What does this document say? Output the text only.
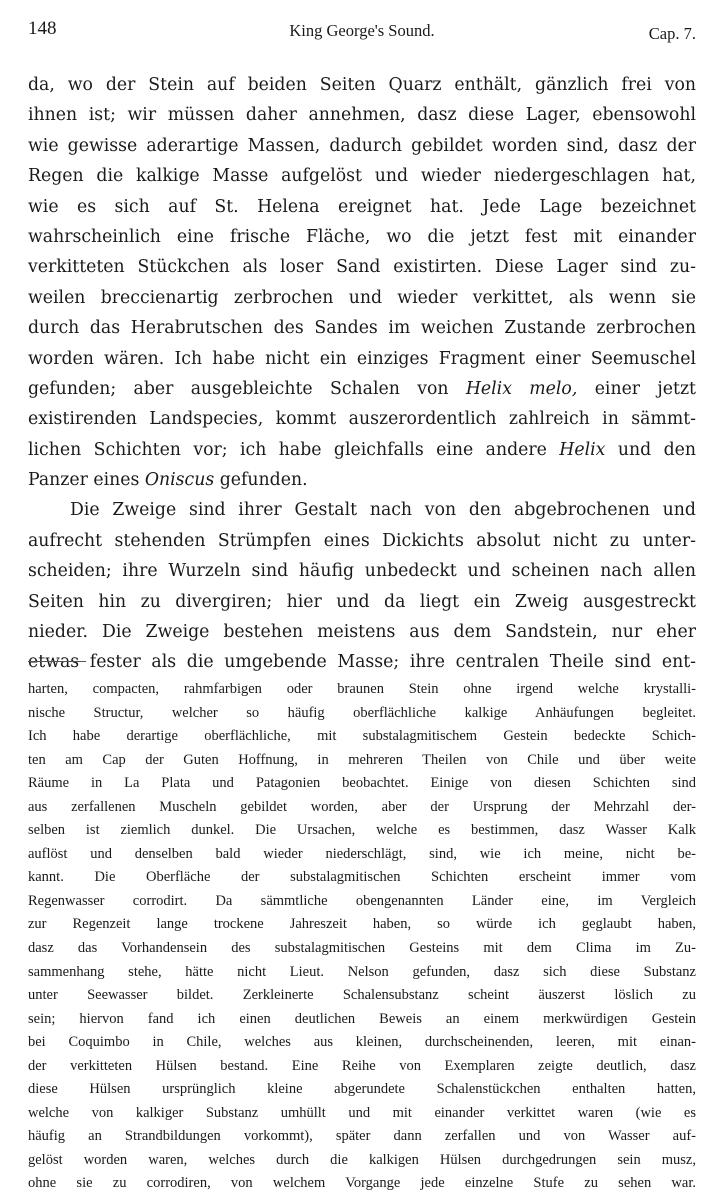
148	King George's Sound.	Cap. 7.
da, wo der Stein auf beiden Seiten Quarz enthält, gänzlich frei von
ihnen ist; wir müssen daher annehmen, dasz diese Lager, ebensowohl
wie gewisse aderartige Massen, dadurch gebildet worden sind, dasz der
Regen die kalkige Masse aufgelöst und wieder niedergeschlagen hat,
wie es sich auf St. Helena ereignet hat. Jede Lage bezeichnet
wahrscheinlich eine frische Fläche, wo die jetzt fest mit einander
verkitteten Stückchen als loser Sand existirten. Diese Lager sind zu-
weilen breccienartig zerbrochen und wieder verkittet, als wenn sie
durch das Herabrutschen des Sandes im weichen Zustande zerbrochen
worden wären. Ich habe nicht ein einziges Fragment einer Seemuschel
gefunden; aber ausgebleichte Schalen von Helix melo, einer jetzt
existirenden Landspecies, kommt auszerordentlich zahlreich in sämmt-
lichen Schichten vor; ich habe gleichfalls eine andere Helix und den
Panzer eines Oniscus gefunden.
Die Zweige sind ihrer Gestalt nach von den abgebrochenen und
aufrecht stehenden Strümpfen eines Dickichts absolut nicht zu unter-
scheiden; ihre Wurzeln sind häufig unbedeckt und scheinen nach allen
Seiten hin zu divergiren; hier und da liegt ein Zweig ausgestreckt
nieder. Die Zweige bestehen meistens aus dem Sandstein, nur eher
etwas fester als die umgebende Masse; ihre centralen Theile sind ent-
harten, compacten, rahmfarbigen oder braunen Stein ohne irgend welche krystalli-
nische Structur, welcher so häufig oberflächliche kalkige Anhäufungen begleitet.
Ich habe derartige oberflächliche, mit substalagmitischem Gestein bedeckte Schich-
ten am Cap der Guten Hoffnung, in mehreren Theilen von Chile und über weite
Räume in La Plata und Patagonien beobachtet. Einige von diesen Schichten sind
aus zerfallenen Muscheln gebildet worden, aber der Ursprung der Mehrzahl der-
selben ist ziemlich dunkel. Die Ursachen, welche es bestimmen, dasz Wasser Kalk
auflöst und denselben bald wieder niederschlägt, sind, wie ich meine, nicht be-
kannt. Die Oberfläche der substalagmitischen Schichten erscheint immer vom
Regenwasser corrodirt. Da sämmtliche obengenannten Länder eine, im Vergleich
zur Regenzeit lange trockene Jahreszeit haben, so würde ich geglaubt haben,
dasz das Vorhandensein des substalagmitischen Gesteins mit dem Clima im Zu-
sammenhang stehe, hätte nicht Lieut. Nelson gefunden, dasz sich diese Substanz
unter Seewasser bildet. Zerkleinerte Schalensubstanz scheint äuszerst löslich zu
sein; hiervon fand ich einen deutlichen Beweis an einem merkwürdigen Gestein
bei Coquimbo in Chile, welches aus kleinen, durchscheinenden, leeren, mit einan-
der verkitteten Hülsen bestand. Eine Reihe von Exemplaren zeigte deutlich, dasz
diese Hülsen ursprünglich kleine abgerundete Schalenstückchen enthalten hatten,
welche von kalkiger Substanz umhüllt und mit einander verkittet waren (wie es
häufig an Strandbildungen vorkommt), später dann zerfallen und von Wasser auf-
gelöst worden waren, welches durch die kalkigen Hülsen durchgedrungen sein musz,
ohne sie zu corrodiren, von welchem Vorgange jede einzelne Stufe zu sehen war.
